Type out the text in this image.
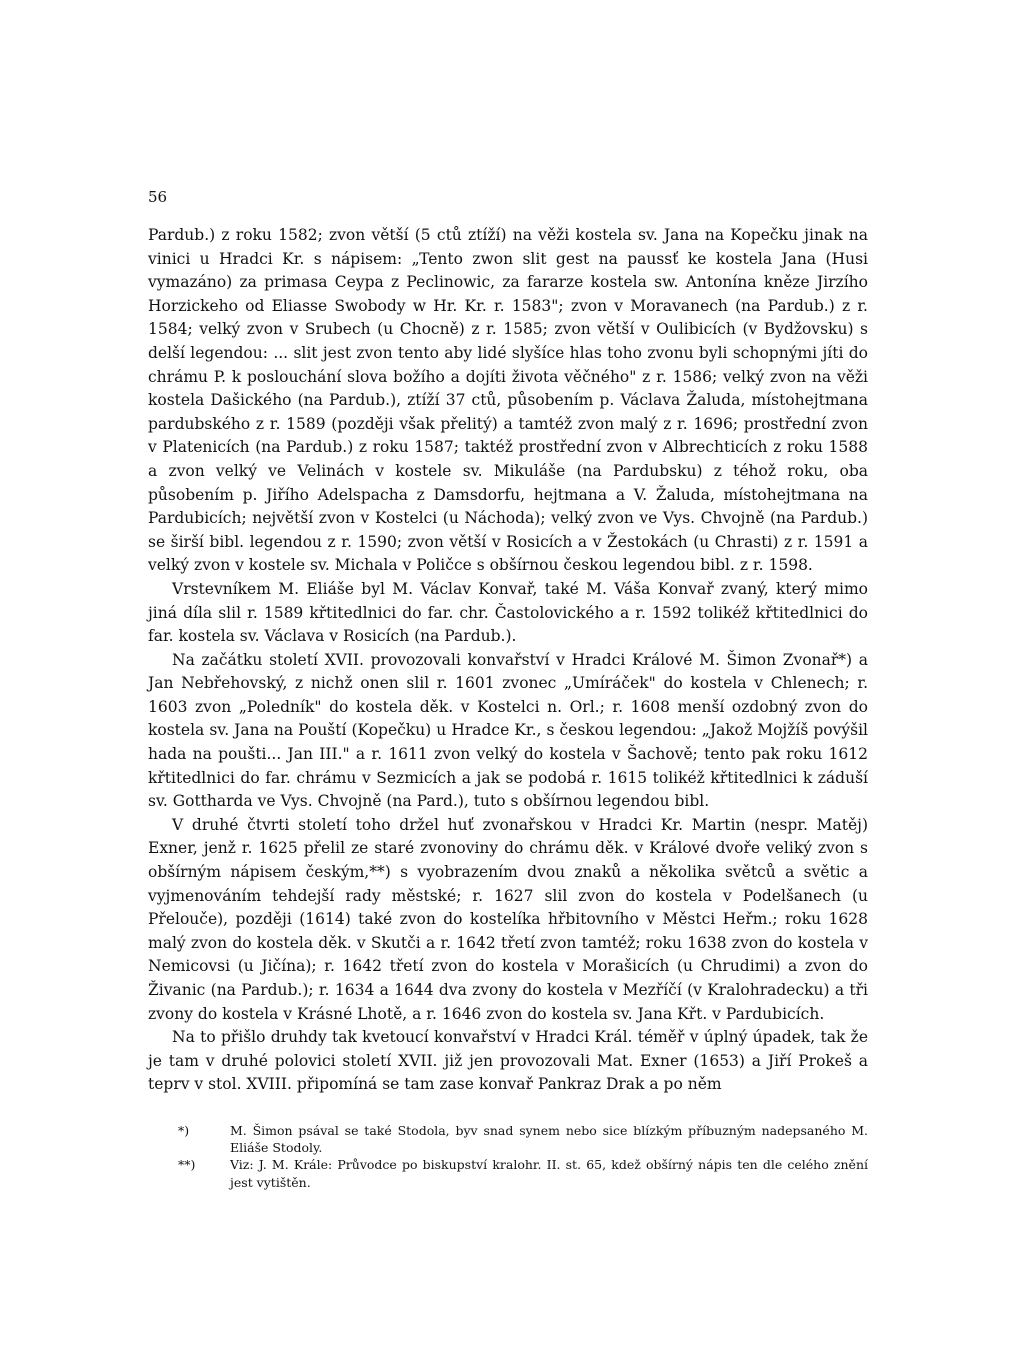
56

Pardub.) z roku 1582; zvon větší (5 ctů ztíží) na věži kostela sv. Jana na Kopečku jinak na vinici u Hradci Kr. s nápisem: „Tento zwon slit gest na paussť ke kostela Jana (Husi vymazáno) za primasa Ceypa z Peclinowic, za fararze kostela sw. Antonína kněze Jirzího Horzickeho od Eliasse Swobody w Hr. Kr. r. 1583"; zvon v Moravanech (na Pardub.) z r. 1584; velký zvon v Srubech (u Chocně) z r. 1585; zvon větší v Oulibicích (v Bydžovsku) s delší legendou: ... slit jest zvon tento aby lidé slyšíce hlas toho zvonu byli schopnými jíti do chrámu P. k poslouchání slova božího a dojíti života věčného" z r. 1586; velký zvon na věži kostela Dašického (na Pardub.), ztíží 37 ctů, působením p. Václava Žaluda, místohejtmana pardubského z r. 1589 (později však přelitý) a tamtéž zvon malý z r. 1696; prostřední zvon v Platenicích (na Pardub.) z roku 1587; taktéž prostřední zvon v Albrechticích z roku 1588 a zvon velký ve Velinách v kostele sv. Mikuláše (na Pardubsku) z téhož roku, oba působením p. Jiřího Adelspacha z Damsdorfu, hejtmana a V. Žaluda, místohejtmana na Pardubicích; největší zvon v Kostelci (u Náchoda); velký zvon ve Vys. Chvojně (na Pardub.) se širší bibl. legendou z r. 1590; zvon větší v Rosicích a v Žestokách (u Chrasti) z r. 1591 a velký zvon v kostele sv. Michala v Poličce s obšírnou českou legendou bibl. z r. 1598.

Vrstevníkem M. Eliáše byl M. Václav Konvař, také M. Váša Konvař zvaný, který mimo jiná díla slil r. 1589 křtitedlnici do far. chr. Častolovického a r. 1592 tolikéž křtitedlnici do far. kostela sv. Václava v Rosicích (na Pardub.).

Na začátku století XVII. provozovali konvařství v Hradci Králové M. Šimon Zvonař*) a Jan Nebřehovský, z nichž onen slil r. 1601 zvonec „Umíráček" do kostela v Chlenech; r. 1603 zvon „Poledník" do kostela děk. v Kostelci n. Orl.; r. 1608 menší ozdobný zvon do kostela sv. Jana na Pouští (Kopečku) u Hradce Kr., s českou legendou: „Jakož Mojžíš povýšil hada na poušti... Jan III." a r. 1611 zvon velký do kostela v Šachově; tento pak roku 1612 křtitedlnici do far. chrámu v Sezmicích a jak se podobá r. 1615 tolikéž křtitedlnici k záduší sv. Gottharda ve Vys. Chvojně (na Pard.), tuto s obšírnou legendou bibl.

V druhé čtvrti století toho držel huť zvonařskou v Hradci Kr. Martin (nespr. Matěj) Exner, jenž r. 1625 přelil ze staré zvonoviny do chrámu děk. v Králové dvoře veliký zvon s obšírným nápisem českým,**) s vyobrazením dvou znaků a několika světců a světic a vyjmenováním tehdejší rady městské; r. 1627 slil zvon do kostela v Podelšanech (u Přelouče), později (1614) také zvon do kostelíka hřbitovního v Městci Heřm.; roku 1628 malý zvon do kostela děk. v Skutči a r. 1642 třetí zvon tamtéž; roku 1638 zvon do kostela v Nemicovsi (u Jičína); r. 1642 třetí zvon do kostela v Morašicích (u Chrudimi) a zvon do Živanic (na Pardub.); r. 1634 a 1644 dva zvony do kostela v Mezříčí (v Kralohradecku) a tři zvony do kostela v Krásné Lhotě, a r. 1646 zvon do kostela sv. Jana Křt. v Pardubicích.

Na to přišlo druhdy tak kvetoucí konvařství v Hradci Král. téměř v úplný úpadek, tak že je tam v druhé polovici století XVII. již jen provozovali Mat. Exner (1653) a Jiří Prokeš a teprv v stol. XVIII. připomíná se tam zase konvař Pankraz Drak a po něm

*)	M. Šimon psával se také Stodola, byv snad synem nebo sice blízkým příbuzným nadepsaného M. Eliáše Stodoly.

**)	Viz: J. M. Krále: Průvodce po biskupství kralohr. II. st. 65, kdež obšírný nápis ten dle celého znění jest vytištěn.
